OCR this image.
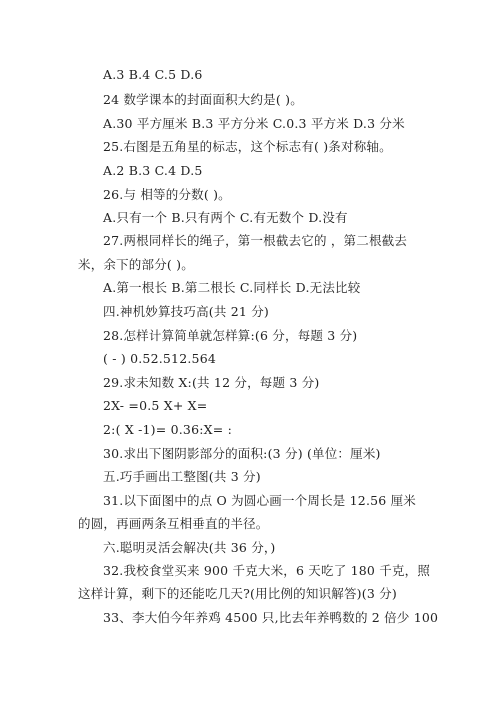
A.3 B.4 C.5 D.6
24 数学课本的封面面积大约是( )。
A.30 平方厘米 B.3 平方分米 C.0.3 平方米 D.3 分米
25.右图是五角星的标志，这个标志有( )条对称轴。
A.2 B.3 C.4 D.5
26.与 相等的分数( )。
A.只有一个 B.只有两个 C.有无数个 D.没有
27.两根同样长的绳子，第一根截去它的 ，第二根截去
米，余下的部分( )。
A.第一根长 B.第二根长 C.同样长 D.无法比较
四.神机妙算技巧高(共 21 分)
28.怎样计算简单就怎样算:(6 分，每题 3 分)
( - ) 0.52.512.564
29.求未知数 X:(共 12 分，每题 3 分)
2X- =0.5 X+ X=
2:( X -1)= 0.36:X= :
30.求出下图阴影部分的面积:(3 分) (单位：厘米)
五.巧手画出工整图(共 3 分)
31.以下面图中的点 O 为圆心画一个周长是 12.56 厘米
的圆，再画两条互相垂直的半径。
六.聪明灵活会解决(共 36 分，)
32.我校食堂买来 900 千克大米，6 天吃了 180 千克，照
这样计算，剩下的还能吃几天?(用比例的知识解答)(3 分)
33、李大伯今年养鸡 4500 只,比去年养鸭数的 2 倍少 100
